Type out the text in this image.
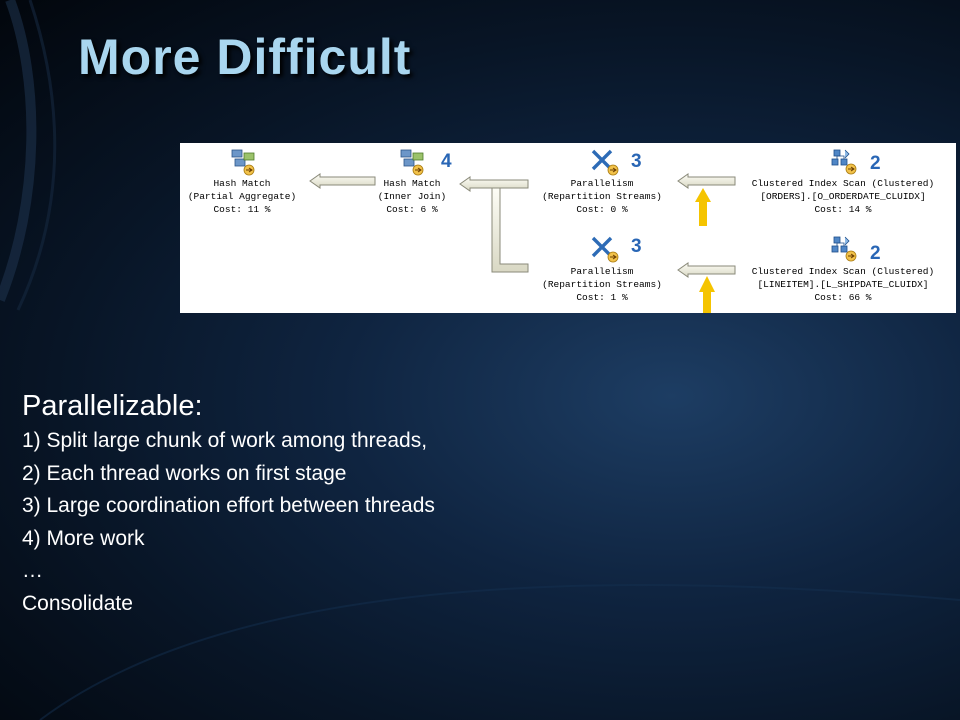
More Difficult
Hash Match
(Partial Aggregate)
Cost: 11 %
Hash Match
(Inner Join)
Cost: 6 %
Parallelism
(Repartition Streams)
Cost: 0 %
Clustered Index Scan (Clustered)
[ORDERS].[O_ORDERDATE_CLUIDX]
Cost: 14 %
Parallelism
(Repartition Streams)
Cost: 1 %
Clustered Index Scan (Clustered)
[LINEITEM].[L_SHIPDATE_CLUIDX]
Cost: 66 %
4	3	2
3	2

Parallelizable:

1) Split large chunk of work among threads,

2) Each thread works on first stage

3) Large coordination effort between threads

4) More work

…

Consolidate
